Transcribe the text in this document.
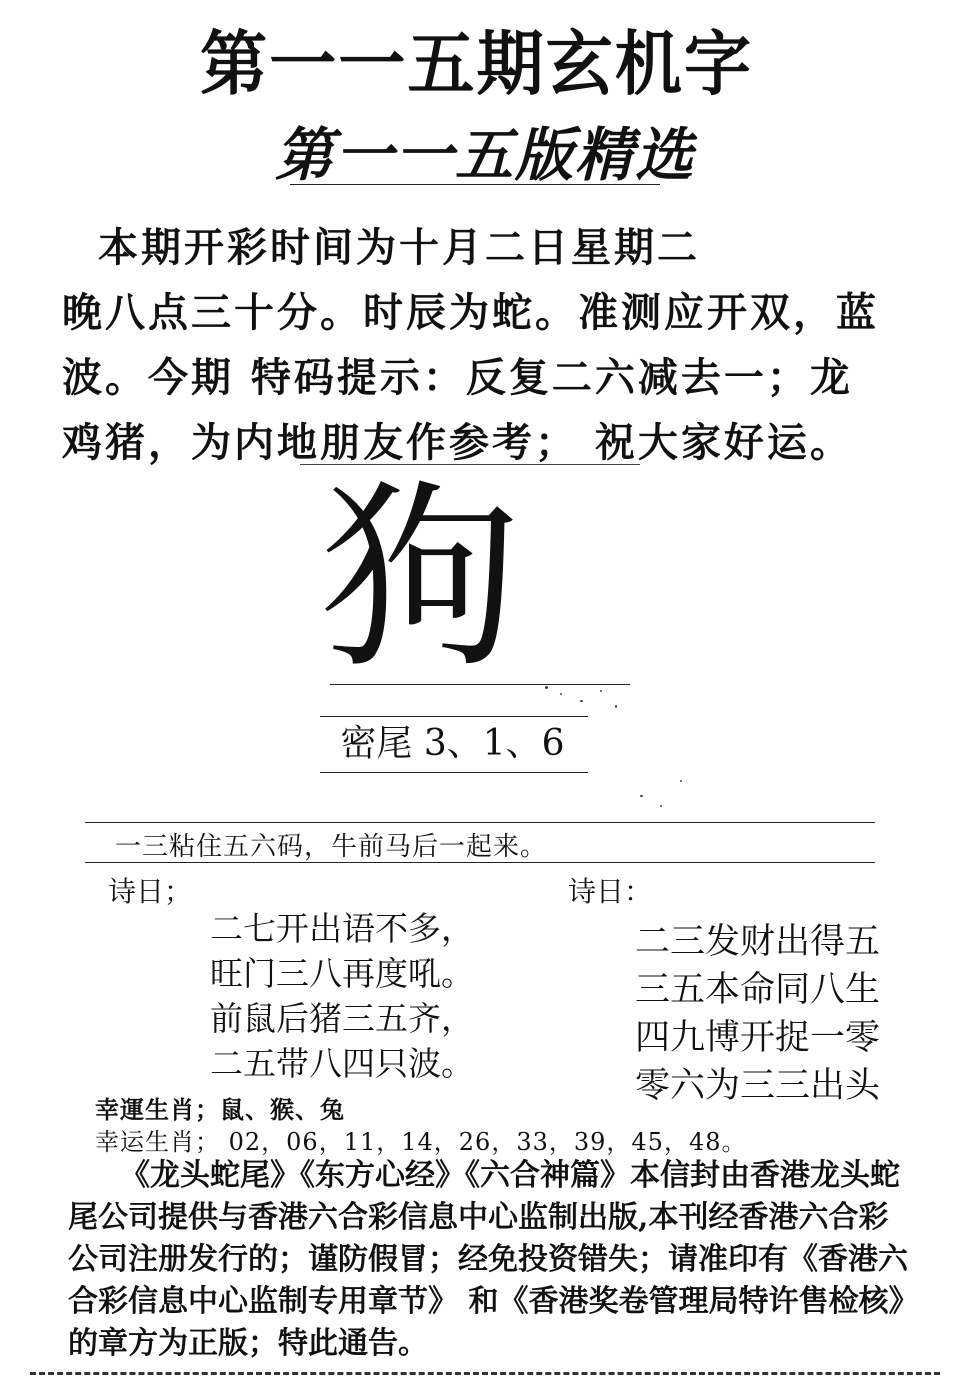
第一一五期玄机字
第一一五版精选
本期开彩时间为十月二日星期二
晚八点三十分。时辰为蛇。准测应开双，蓝
波。今期 特码提示：反复二六减去一；龙
鸡猪，为内地朋友作参考； 祝大家好运。
狗
密尾 3、1、6
一三粘住五六码，牛前马后一起来。
诗日；
二七开出语不多，
旺门三八再度吼。
前鼠后猪三五齐，
二五带八四只波。
诗日：
二三发财出得五
三五本命同八生
四九博开捉一零
零六为三三出头
幸運生肖；鼠、猴、兔
幸运生肖； 02，06，11，14，26，33，39，45，48。
《龙头蛇尾》《东方心经》《六合神篇》本信封由香港龙头蛇
尾公司提供与香港六合彩信息中心监制出版,本刊经香港六合彩
公司注册发行的；谨防假冒；经免投资错失；请准印有《香港六
合彩信息中心监制专用章节》 和《香港奖卷管理局特许售检核》
的章方为正版；特此通告。
